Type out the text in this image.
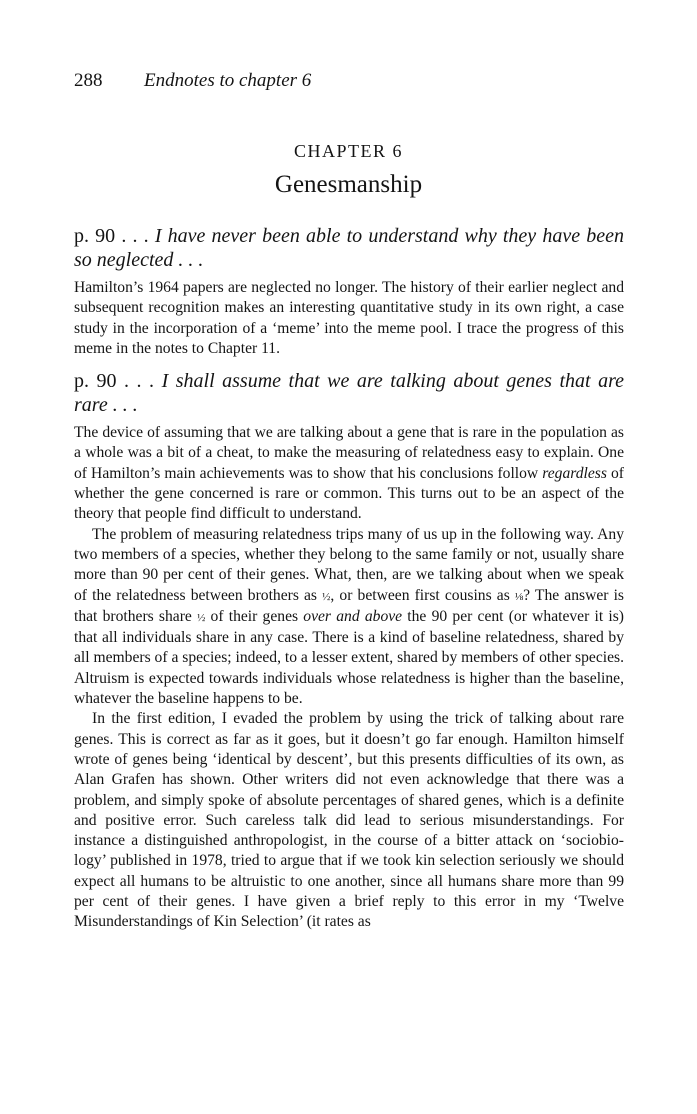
288 Endnotes to chapter 6
CHAPTER 6
Genesmanship

p. 90 . . . I have never been able to understand why they have been so neglected . . .

Hamilton’s 1964 papers are neglected no longer. The history of their earlier neglect and subsequent recognition makes an interesting quantitative study in its own right, a case study in the incorporation of a ‘meme’ into the meme pool. I trace the progress of this meme in the notes to Chapter 11.

p. 90 . . . I shall assume that we are talking about genes that are rare . . .

The device of assuming that we are talking about a gene that is rare in the population as a whole was a bit of a cheat, to make the measuring of relatedness easy to explain. One of Hamilton’s main achievements was to show that his conclusions follow regardless of whether the gene concerned is rare or common. This turns out to be an aspect of the theory that people find difficult to understand.

The problem of measuring relatedness trips many of us up in the following way. Any two members of a species, whether they belong to the same family or not, usually share more than 90 per cent of their genes. What, then, are we talking about when we speak of the relatedness between brothers as ½, or between first cousins as ⅛? The answer is that brothers share ½ of their genes over and above the 90 per cent (or whatever it is) that all individuals share in any case. There is a kind of baseline relatedness, shared by all members of a species; indeed, to a lesser extent, shared by members of other species. Altruism is expected towards individuals whose relatedness is higher than the baseline, whatever the baseline happens to be.

In the first edition, I evaded the problem by using the trick of talking about rare genes. This is correct as far as it goes, but it doesn’t go far enough. Hamilton himself wrote of genes being ‘identical by descent’, but this presents difficulties of its own, as Alan Grafen has shown. Other writers did not even acknowledge that there was a problem, and simply spoke of absolute percentages of shared genes, which is a definite and positive error. Such careless talk did lead to serious misunderstandings. For instance a distinguished anthropologist, in the course of a bitter attack on ‘sociobio-logy’ published in 1978, tried to argue that if we took kin selection seriously we should expect all humans to be altruistic to one another, since all humans share more than 99 per cent of their genes. I have given a brief reply to this error in my ‘Twelve Misunderstandings of Kin Selection’ (it rates as
